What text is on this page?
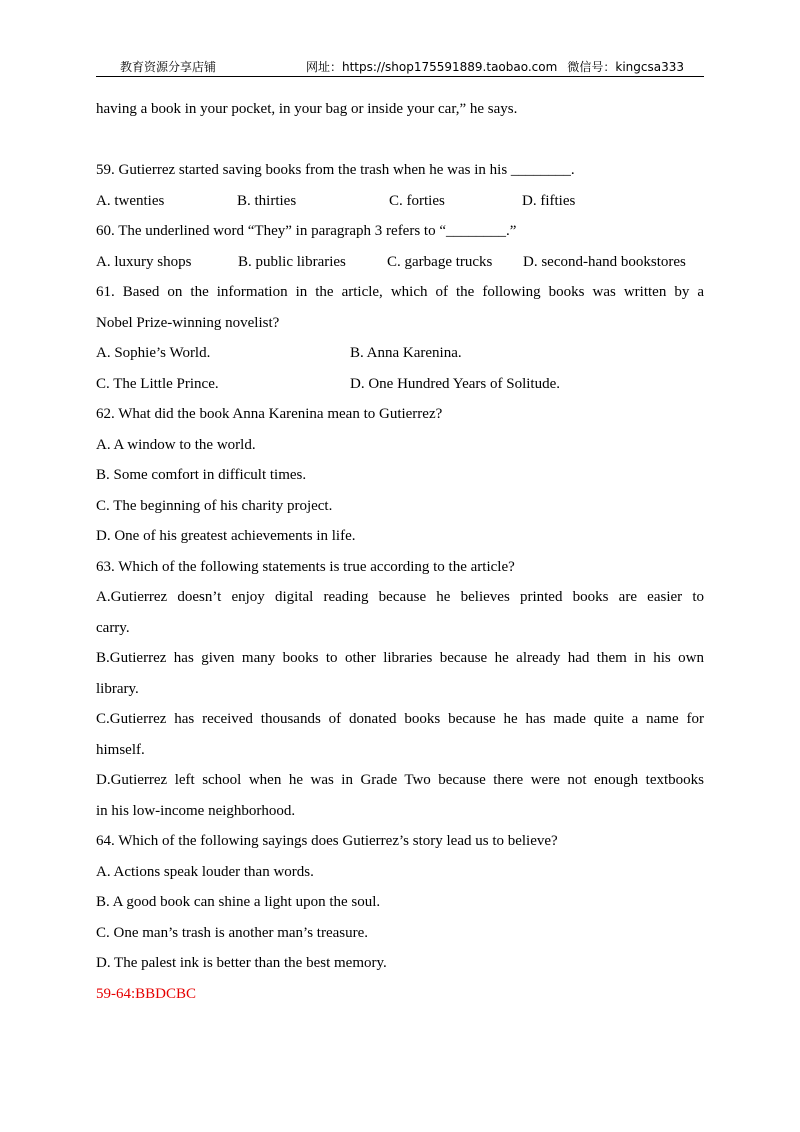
教育资源分享店铺	网址：https://shop175591889.taobao.com 微信号：kingcsa333
having a book in your pocket, in your bag or inside your car,” he says.
59. Gutierrez started saving books from the trash when he was in his ________.
A. twenties	B. thirties	C. forties	D. fifties
60. The underlined word “They” in paragraph 3 refers to “________.”
A. luxury shops	B. public libraries	C. garbage trucks	D. second-hand bookstores
61. Based on the information in the article, which of the following books was written by a
Nobel Prize-winning novelist?
A. Sophie’s World.	B. Anna Karenina.
C. The Little Prince.	D. One Hundred Years of Solitude.
62. What did the book Anna Karenina mean to Gutierrez?
A. A window to the world.
B. Some comfort in difficult times.
C. The beginning of his charity project.
D. One of his greatest achievements in life.
63. Which of the following statements is true according to the article?
A.Gutierrez doesn’t enjoy digital reading because he believes printed books are easier to
carry.
B.Gutierrez has given many books to other libraries because he already had them in his own
library.
C.Gutierrez has received thousands of donated books because he has made quite a name for
himself.
D.Gutierrez left school when he was in Grade Two because there were not enough textbooks
in his low-income neighborhood.
64. Which of the following sayings does Gutierrez’s story lead us to believe?
A. Actions speak louder than words.
B. A good book can shine a light upon the soul.
C. One man’s trash is another man’s treasure.
D. The palest ink is better than the best memory.
59-64:BBDCBC
